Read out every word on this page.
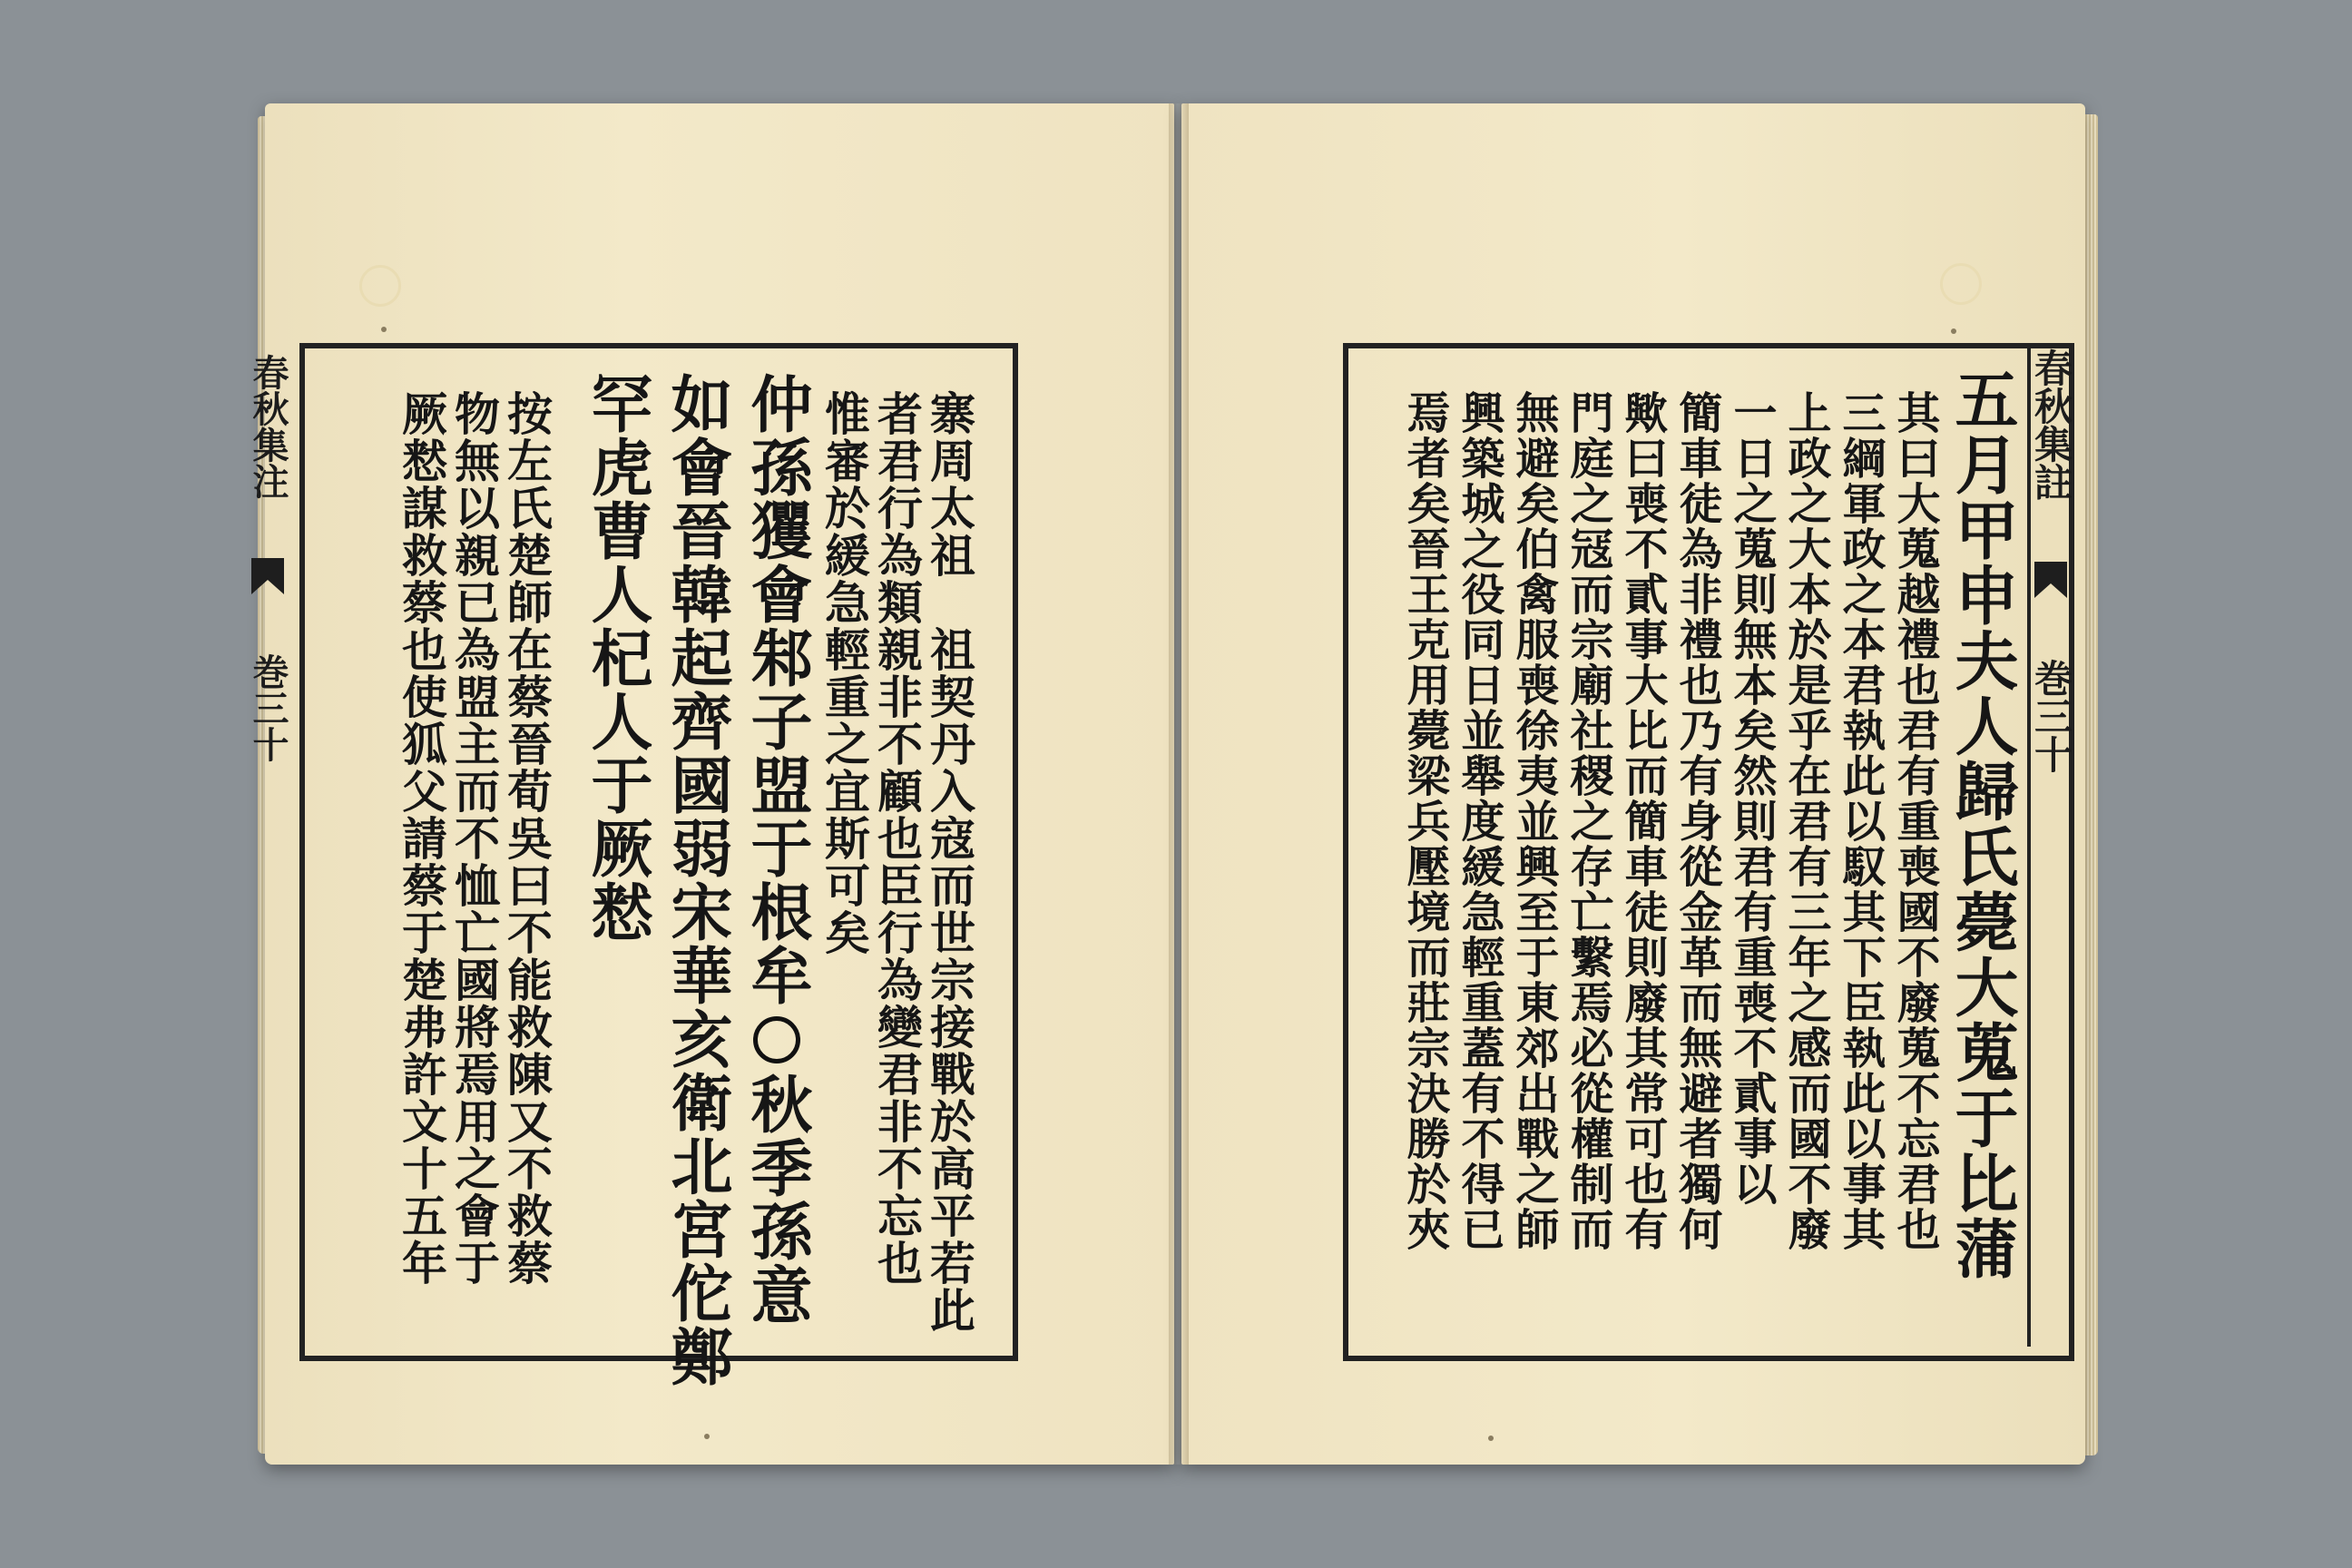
春秋集注  巻三十	寨周太祖　祖契丹入寇而世宗接戰於高平若此
者君行為類親非不顧也臣行為變君非不忘也
惟審於緩急輕重之宜斯可矣
仲孫玃會邾子盟于根牟
秋季孫意
如會晉韓起齊國弱宋華亥衛北宮佗鄭
罕虎曹人杞人于厥慭
按左氏楚師在蔡晉荀吳曰不能救陳又不救蔡
物無以親已為盟主而不恤亡國將焉用之會于
厥慭謀救蔡也使狐父請蔡于楚弗許文十五年	春秋集註  巻三十
五月甲申夫人歸氏薨大蒐于比蒲
其曰大蒐越禮也君有重喪國不廢蒐不忘君也
三綱軍政之本君執此以馭其下臣執此以事其
上政之大本於是乎在君有三年之感而國不廢
一日之蒐則無本矣然則君有重喪不貳事以
簡車徒為非禮也乃有身從金革而無避者獨何
歟曰喪不貳事大比而簡車徒則廢其常可也有
門庭之冦而宗廟社稷之存亡繫焉必從權制而
無避矣伯禽服喪徐夷並興至于東郊出戰之師
興築城之役同日並舉度緩急輕重蓋有不得已
焉者矣晉王克用薨梁兵壓境而莊宗決勝於夾
